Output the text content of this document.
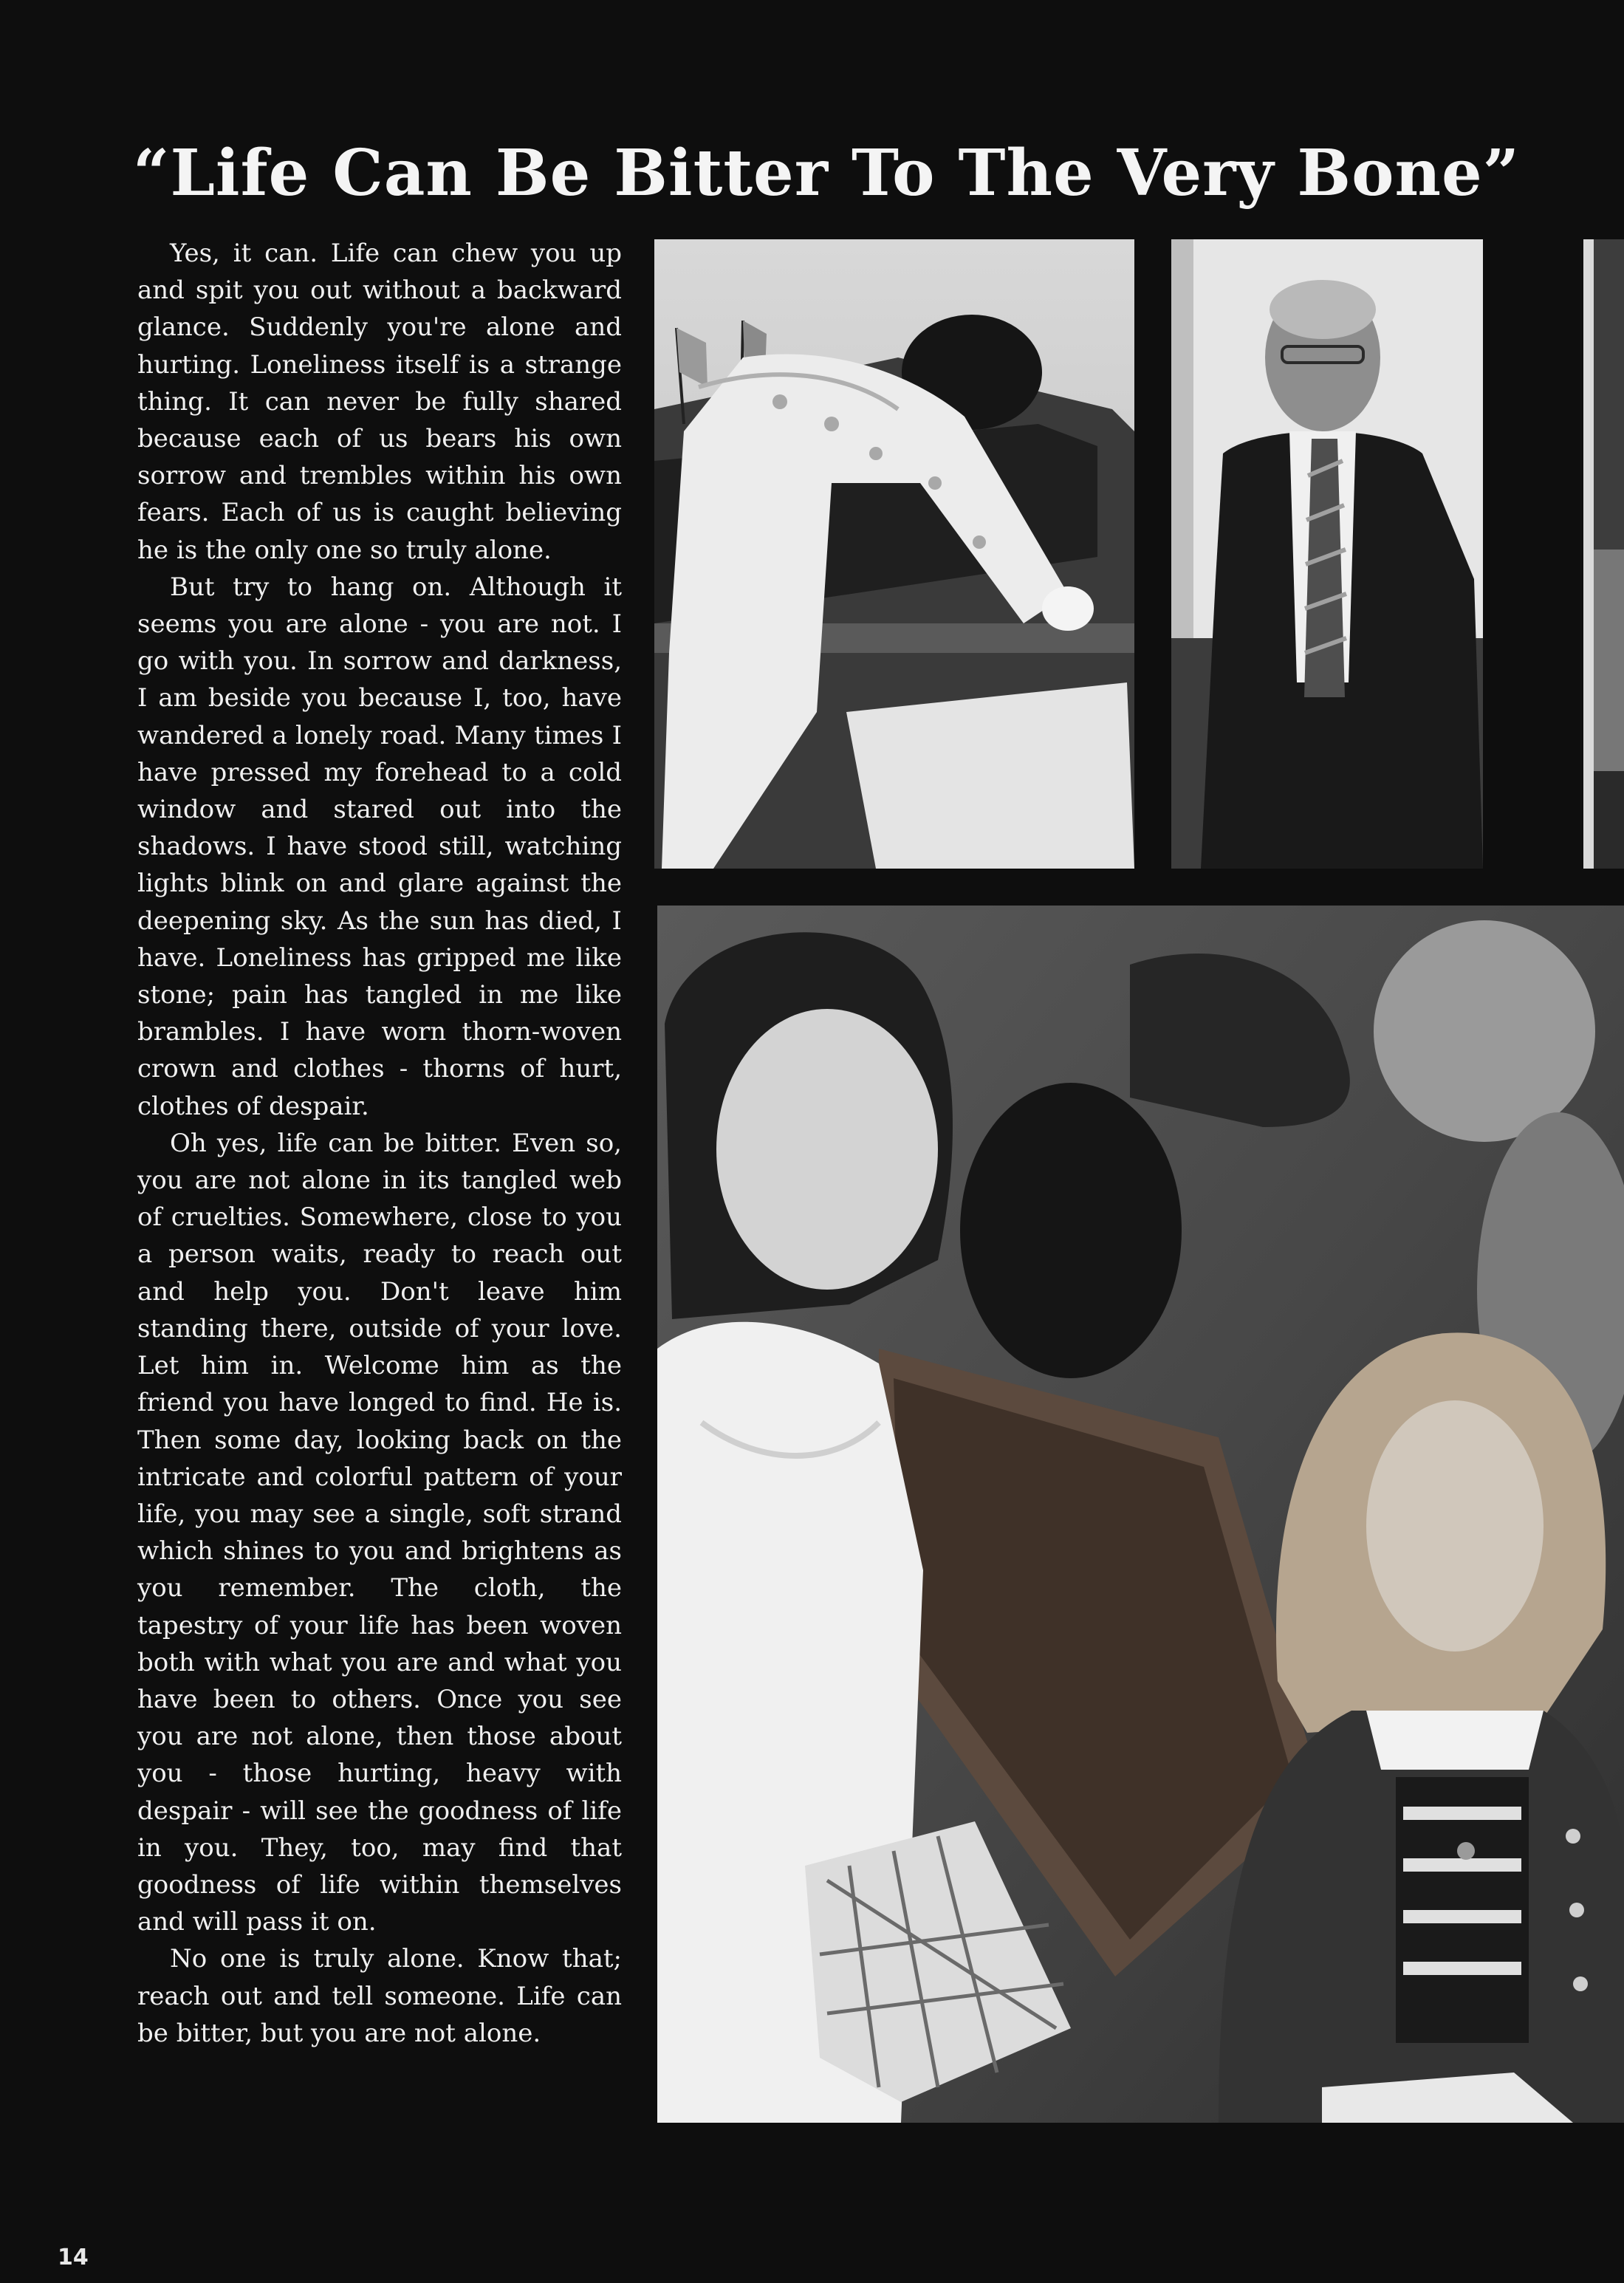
“Life Can Be Bitter To The Very Bone”

Yes, it can. Life can chew you up and spit you out without a backward glance. Suddenly you're alone and hurting. Loneliness itself is a strange thing. It can never be fully shared because each of us bears his own sorrow and trembles within his own fears. Each of us is caught believing he is the only one so truly alone.

But try to hang on. Although it seems you are alone - you are not. I go with you. In sorrow and darkness, I am beside you because I, too, have wandered a lonely road. Many times I have pressed my forehead to a cold window and stared out into the shadows. I have stood still, watching lights blink on and glare against the deepening sky. As the sun has died, I have. Loneliness has gripped me like stone; pain has tangled in me like brambles. I have worn thorn-woven crown and clothes - thorns of hurt, clothes of despair.

Oh yes, life can be bitter. Even so, you are not alone in its tangled web of cruelties. Somewhere, close to you a person waits, ready to reach out and help you. Don't leave him standing there, outside of your love. Let him in. Welcome him as the friend you have longed to find. He is. Then some day, looking back on the intricate and colorful pattern of your life, you may see a single, soft strand which shines to you and brightens as you remember. The cloth, the tapestry of your life has been woven both with what you are and what you have been to others. Once you see you are not alone, then those about you - those hurting, heavy with despair - will see the goodness of life in you. They, too, may find that goodness of life within themselves and will pass it on.

No one is truly alone. Know that; reach out and tell someone. Life can be bitter, but you are not alone.

14
